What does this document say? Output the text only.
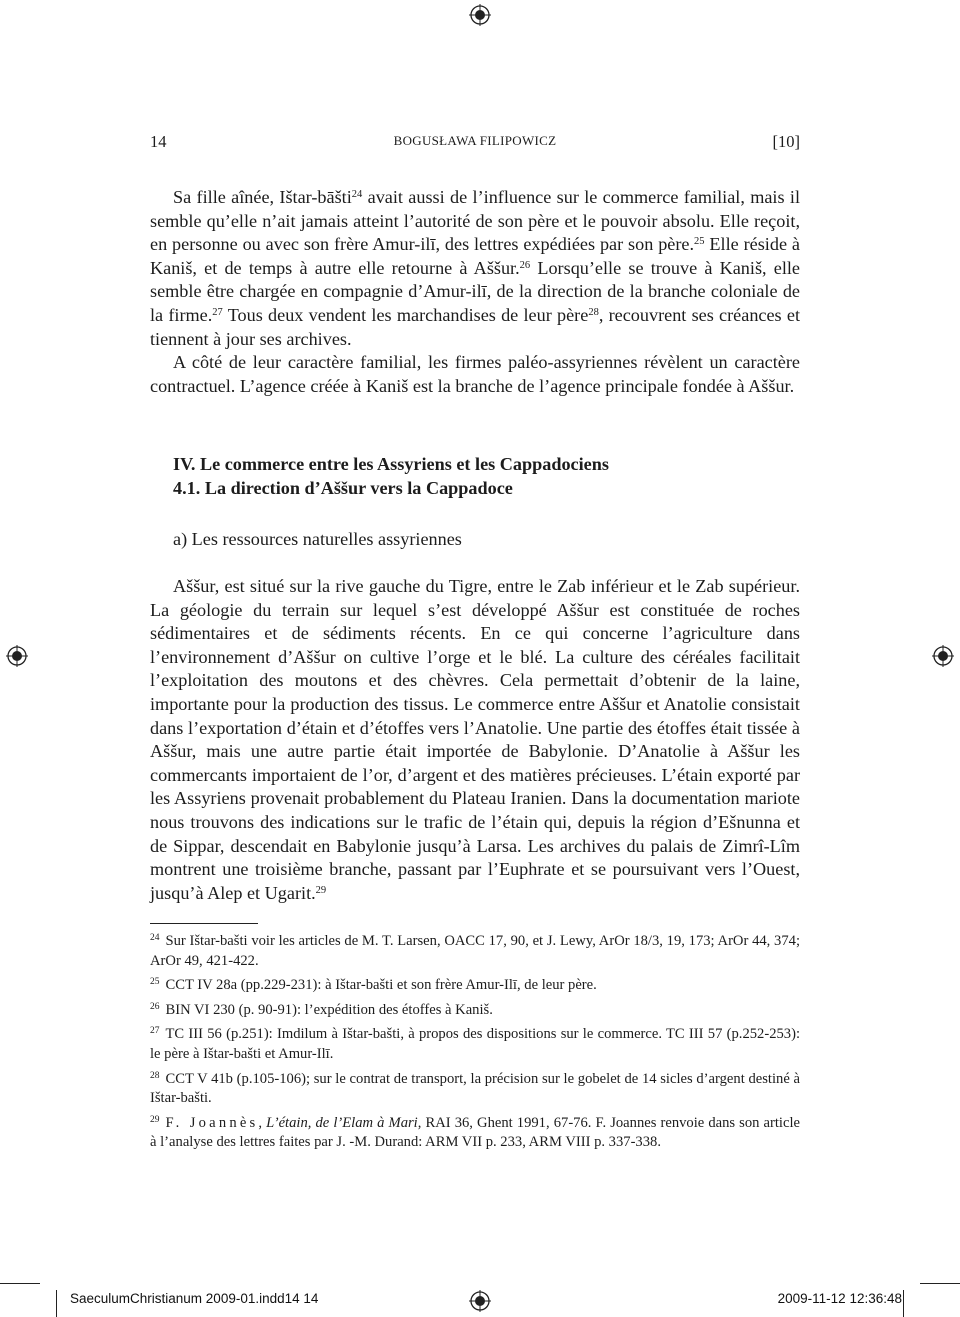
14	BOGUSŁAWA FILIPOWICZ	[10]

Sa fille aînée, Ištar-bāšti$^{24}$ avait aussi de l’influence sur le commerce familial, mais il semble qu’elle n’ait jamais atteint l’autorité de son père et le pouvoir absolu. Elle reçoit, en personne ou avec son frère Amur-ilī, des lettres expédiées par son père.$^{25}$ Elle réside à Kaniš, et de temps à autre elle retourne à Aššur.$^{26}$ Lorsqu’elle se trouve à Kaniš, elle semble être chargée en compagnie d’Amur-ilī, de la direction de la branche coloniale de la firme.$^{27}$ Tous deux vendent les marchandises de leur père$^{28}$, recouvrent ses créances et tiennent à jour ses archives.

A côté de leur caractère familial, les firmes paléo-assyriennes révèlent un caractère contractuel. L’agence créée à Kaniš est la branche de l’agence principale fondée à Aššur.

IV. Le commerce entre les Assyriens et les Cappadociens
4.1. La direction d’Aššur vers la Cappadoce
a) Les ressources naturelles assyriennes

Aššur, est situé sur la rive gauche du Tigre, entre le Zab inférieur et le Zab supérieur. La géologie du terrain sur lequel s’est développé Aššur est constituée de roches sédimentaires et de sédiments récents. En ce qui concerne l’agriculture dans l’environnement d’Aššur on cultive l’orge et le blé. La culture des céréales facilitait l’exploitation des moutons et des chèvres. Cela permettait d’obtenir de la laine, importante pour la production des tissus. Le commerce entre Aššur et Anatolie consistait dans l’exportation d’étain et d’étoffes vers l’Anatolie. Une partie des étoffes était tissée à Aššur, mais une autre partie était importée de Babylonie. D’Anatolie à Aššur les commercants importaient de l’or, d’argent et des matières précieuses. L’étain exporté par les Assyriens provenait probablement du Plateau Iranien. Dans la documentation mariote nous trouvons des indications sur le trafic de l’étain qui, depuis la région d’Ešnunna et de Sippar, descendait en Babylonie jusqu’à Larsa. Les archives du palais de Zimrî-Lîm montrent une troisième branche, passant par l’Euphrate et se poursuivant vers l’Ouest, jusqu’à Alep et Ugarit.$^{29}$

$^{24}$ Sur Ištar-bašti voir les articles de M. T. Larsen, OACC 17, 90, et J. Lewy, ArOr 18/3, 19, 173; ArOr 44, 374; ArOr 49, 421-422.

$^{25}$ CCT IV 28a (pp.229-231): à Ištar-bašti et son frère Amur-Ilī, de leur père.

$^{26}$ BIN VI 230 (p. 90-91): l’expédition des étoffes à Kaniš.

$^{27}$ TC III 56 (p.251): Imdilum à Ištar-bašti, à propos des dispositions sur le commerce. TC III 57 (p.252-253): le père à Ištar-bašti et Amur-Ilī.

$^{28}$ CCT V 41b (p.105-106); sur le contrat de transport, la précision sur le gobelet de 14 sicles d’argent destiné à Ištar-bašti.

$^{29}$ F. Joannès, L’étain, de l’Elam à Mari, RAI 36, Ghent 1991, 67-76. F. Joannes renvoie dans son article à l’analyse des lettres faites par J. -M. Durand: ARM VII p. 233, ARM VIII p. 337-338.

SaeculumChristianum 2009-01.indd14 14	2009-11-12 12:36:48
